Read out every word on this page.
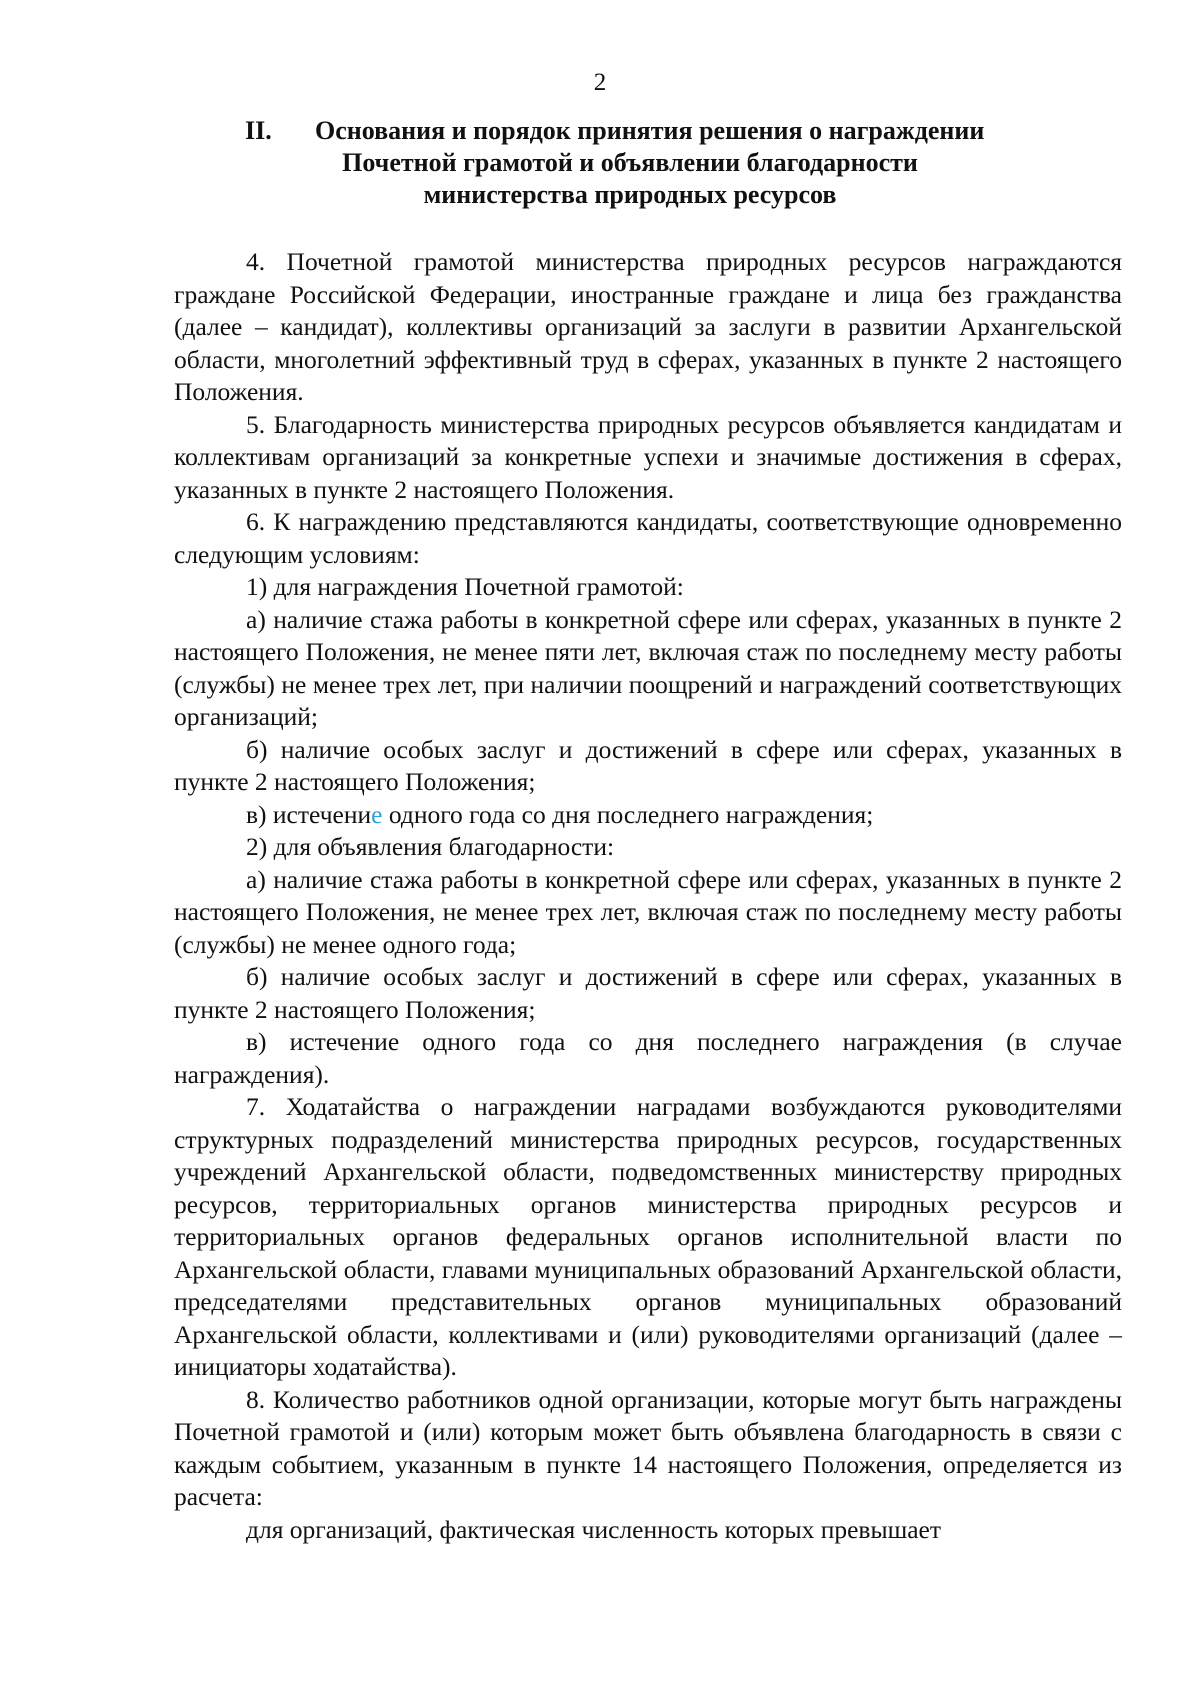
2
II. Основания и порядок принятия решения о награждении
Почетной грамотой и объявлении благодарности
министерства природных ресурсов

4. Почетной грамотой министерства природных ресурсов награждаются граждане Российской Федерации, иностранные граждане и лица без гражданства (далее – кандидат), коллективы организаций за заслуги в развитии Архангельской области, многолетний эффективный труд в сферах, указанных в пункте 2 настоящего Положения.

5. Благодарность министерства природных ресурсов объявляется кандидатам и коллективам организаций за конкретные успехи и значимые достижения в сферах, указанных в пункте 2 настоящего Положения.

6. К награждению представляются кандидаты, соответствующие одновременно следующим условиям:

1) для награждения Почетной грамотой:

а) наличие стажа работы в конкретной сфере или сферах, указанных в пункте 2 настоящего Положения, не менее пяти лет, включая стаж по последнему месту работы (службы) не менее трех лет, при наличии поощрений и награждений соответствующих организаций;

б) наличие особых заслуг и достижений в сфере или сферах, указанных в пункте 2 настоящего Положения;

в) истечение одного года со дня последнего награждения;

2) для объявления благодарности:

а) наличие стажа работы в конкретной сфере или сферах, указанных в пункте 2 настоящего Положения, не менее трех лет, включая стаж по последнему месту работы (службы) не менее одного года;

б) наличие особых заслуг и достижений в сфере или сферах, указанных в пункте 2 настоящего Положения;

в) истечение одного года со дня последнего награждения (в случае награждения).

7. Ходатайства о награждении наградами возбуждаются руководителями структурных подразделений министерства природных ресурсов, государственных учреждений Архангельской области, подведомственных министерству природных ресурсов, территориальных органов министерства природных ресурсов и территориальных органов федеральных органов исполнительной власти по Архангельской области, главами муниципальных образований Архангельской области, председателями представительных органов муниципальных образований Архангельской области, коллективами и (или) руководителями организаций (далее – инициаторы ходатайства).

8. Количество работников одной организации, которые могут быть награждены Почетной грамотой и (или) которым может быть объявлена благодарность в связи с каждым событием, указанным в пункте 14 настоящего Положения, определяется из расчета:

для организаций, фактическая численность которых превышает
